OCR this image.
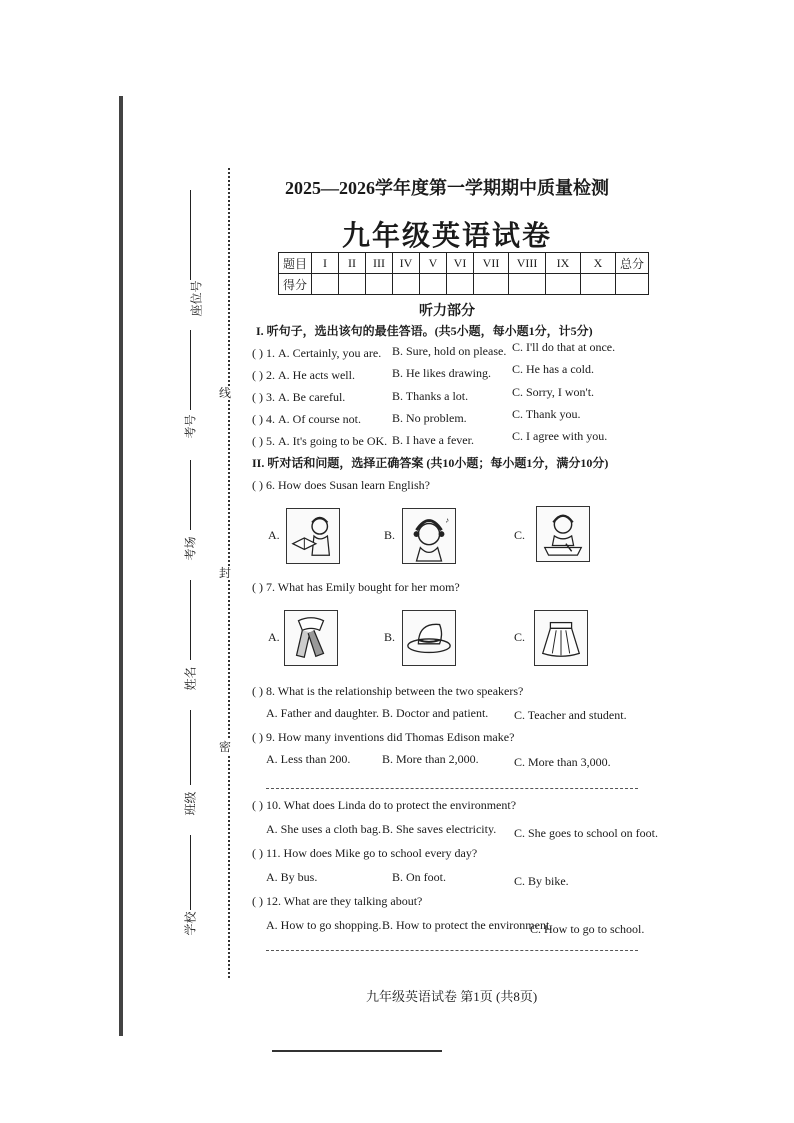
座位号
考号
考场
姓名
班级
学校
线
封
密
2025—2026学年度第一学期期中质量检测
九年级英语试卷
题目	I	II	III	IV	V	VI	VII	VIII	IX	X	总分
得分											
听力部分
I. 听句子，选出该句的最佳答语。(共5小题，每小题1分，计5分)
( ) 1. A. Certainly, you are. B. Sure, hold on please. C. I'll do that at once.
( ) 2. A. He acts well.	B. He likes drawing. C. He has a cold.
( ) 3. A. Be careful.	B. Thanks a lot.	C. Sorry, I won't.
( ) 4. A. Of course not.	B. No problem.	C. Thank you.
( ) 5. A. It's going to be OK. B. I have a fever.	C. I agree with you.
II. 听对话和问题，选择正确答案 (共10小题；每小题1分，满分10分)
( ) 6. How does Susan learn English?
A.	B.
♪
C.
( ) 7. What has Emily bought for her mom?
A.	B.	C.
( ) 8. What is the relationship between the two speakers?
A. Father and daughter. B. Doctor and patient. C. Teacher and student.
( ) 9. How many inventions did Thomas Edison make?
A. Less than 200.	B. More than 2,000.	C. More than 3,000.
( ) 10. What does Linda do to protect the environment?
A. She uses a cloth bag. B. She saves electricity. C. She goes to school on foot.
( ) 11. How does Mike go to school every day?
A. By bus.	B. On foot.	C. By bike.
( ) 12. What are they talking about?
A. How to go shopping. B. How to protect the environment.
C. How to go to school.
九年级英语试卷 第1页 (共8页)
